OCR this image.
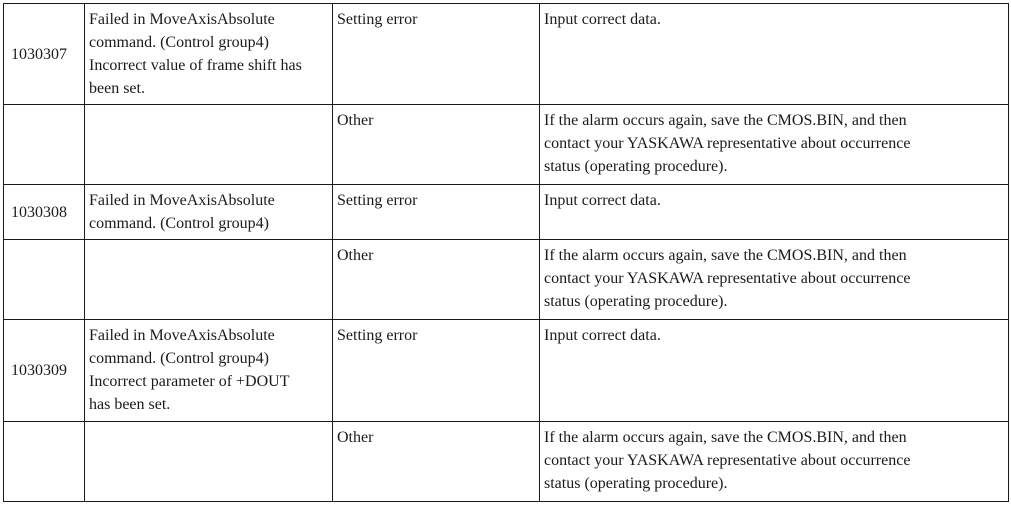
1030307	Failed in MoveAxisAbsolute
command. (Control group4)
Incorrect value of frame shift has
been set.	Setting error	Input correct data.
		Other	If the alarm occurs again, save the CMOS.BIN, and then
contact your YASKAWA representative about occurrence
status (operating procedure).
1030308	Failed in MoveAxisAbsolute
command. (Control group4)	Setting error	Input correct data.
		Other	If the alarm occurs again, save the CMOS.BIN, and then
contact your YASKAWA representative about occurrence
status (operating procedure).
1030309	Failed in MoveAxisAbsolute
command. (Control group4)
Incorrect parameter of +DOUT
has been set.	Setting error	Input correct data.
		Other	If the alarm occurs again, save the CMOS.BIN, and then
contact your YASKAWA representative about occurrence
status (operating procedure).
